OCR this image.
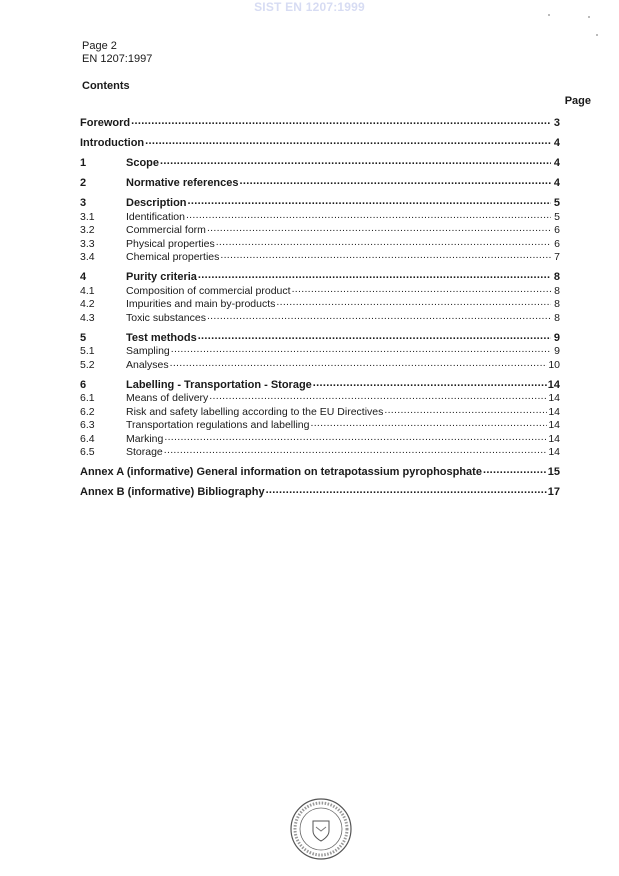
SIST EN 1207:1999
Page 2
EN 1207:1997
Contents
Page
Foreword .....	3
Introduction .....	4
1	Scope .....	4
2	Normative references .....	4
3	Description .....	5
3.1	Identification .....	5
3.2	Commercial form .....	6
3.3	Physical properties .....	6
3.4	Chemical properties .....	7
4	Purity criteria .....	8
4.1	Composition of commercial product .....	8
4.2	Impurities and main by-products .....	8
4.3	Toxic substances .....	8
5	Test methods .....	9
5.1	Sampling .....	9
5.2	Analyses .....	10
6	Labelling - Transportation - Storage .....	14
6.1	Means of delivery .....	14
6.2	Risk and safety labelling according to the EU Directives .....	14
6.3	Transportation regulations and labelling .....	14
6.4	Marking .....	14
6.5	Storage .....	14
Annex A (informative) General information on tetrapotassium pyrophosphate .....	15
Annex B (informative) Bibliography .....	17
